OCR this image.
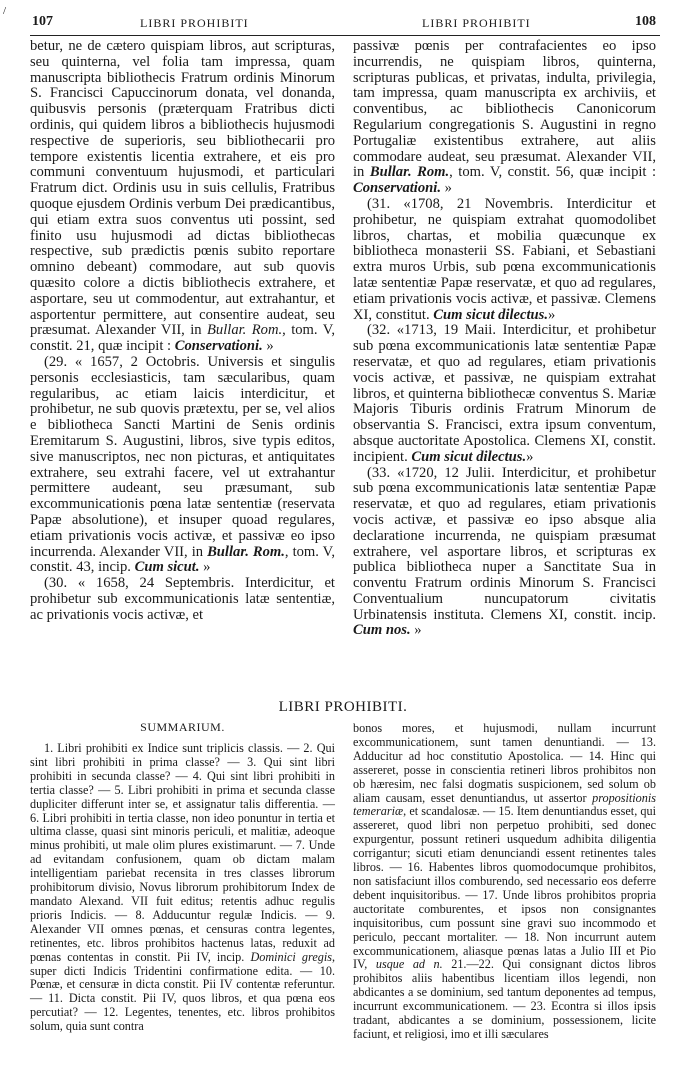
/
107	LIBRI PROHIBITI	LIBRI PROHIBITI	108

betur, ne de cætero quispiam libros, aut scripturas, seu quinterna, vel folia tam impressa, quam manuscripta bibliothecis Fratrum ordinis Minorum S. Francisci Capuccinorum donata, vel donanda, quibusvis personis (præterquam Fratribus dicti ordinis, qui quidem libros a bibliothecis hujusmodi respective de superioris, seu bibliothecarii pro tempore existentis licentia extrahere, et eis pro communi conventuum hujusmodi, et particulari Fratrum dict. Ordinis usu in suis cellulis, Fratribus quoque ejusdem Ordinis verbum Dei prædicantibus, qui etiam extra suos conventus uti possint, sed finito usu hujusmodi ad dictas bibliothecas respective, sub prædictis pœnis subito reportare omnino debeant) commodare, aut sub quovis quæsito colore a dictis bibliothecis extrahere, et asportare, seu ut commodentur, aut extrahantur, et asportentur permittere, aut consentire audeat, seu præsumat. Alexander VII, in Bullar. Rom., tom. V, constit. 21, quæ incipit : Conservationi. »

(29. « 1657, 2 Octobris. Universis et singulis personis ecclesiasticis, tam sæcularibus, quam regularibus, ac etiam laicis interdicitur, et prohibetur, ne sub quovis prætextu, per se, vel alios e bibliotheca Sancti Martini de Senis ordinis Eremitarum S. Augustini, libros, sive typis editos, sive manuscriptos, nec non picturas, et antiquitates extrahere, seu extrahi facere, vel ut extrahantur permittere audeant, seu præsumant, sub excommunicationis pœna latæ sententiæ (reservata Papæ absolutione), et insuper quoad regulares, etiam privationis vocis activæ, et passivæ eo ipso incurrenda. Alexander VII, in Bullar. Rom., tom. V, constit. 43, incip. Cum sicut. »

(30. « 1658, 24 Septembris. Interdicitur, et prohibetur sub excommunicationis latæ sententiæ, ac privationis vocis activæ, et

passivæ pœnis per contrafacientes eo ipso incurrendis, ne quispiam libros, quinterna, scripturas publicas, et privatas, indulta, privilegia, tam impressa, quam manuscripta ex archiviis, et conventibus, ac bibliothecis Canonicorum Regularium congregationis S. Augustini in regno Portugaliæ existentibus extrahere, aut aliis commodare audeat, seu præsumat. Alexander VII, in Bullar. Rom., tom. V, constit. 56, quæ incipit : Conservationi. »

(31. «1708, 21 Novembris. Interdicitur et prohibetur, ne quispiam extrahat quomodolibet libros, chartas, et mobilia quæcunque ex bibliotheca monasterii SS. Fabiani, et Sebastiani extra muros Urbis, sub pœna excommunicationis latæ sententiæ Papæ reservatæ, et quo ad regulares, etiam privationis vocis activæ, et passivæ. Clemens XI, constitut. Cum sicut dilectus.»

(32. «1713, 19 Maii. Interdicitur, et prohibetur sub pœna excommunicationis latæ sententiæ Papæ reservatæ, et quo ad regulares, etiam privationis vocis activæ, et passivæ, ne quispiam extrahat libros, et quinterna bibliothecæ conventus S. Mariæ Majoris Tiburis ordinis Fratrum Minorum de observantia S. Francisci, extra ipsum conventum, absque auctoritate Apostolica. Clemens XI, constit. incipient. Cum sicut dilectus.»

(33. «1720, 12 Julii. Interdicitur, et prohibetur sub pœna excommunicationis latæ sententiæ Papæ reservatæ, et quo ad regulares, etiam privationis vocis activæ, et passivæ eo ipso absque alia declaratione incurrenda, ne quispiam præsumat extrahere, vel asportare libros, et scripturas ex publica bibliotheca nuper a Sanctitate Sua in conventu Fratrum ordinis Minorum S. Francisci Conventualium nuncupatorum civitatis Urbinatensis instituta. Clemens XI, constit. incip. Cum nos. »

LIBRI PROHIBITI.
SUMMARIUM.

1. Libri prohibiti ex Indice sunt triplicis classis. — 2. Qui sint libri prohibiti in prima classe? — 3. Qui sint libri prohibiti in secunda classe? — 4. Qui sint libri prohibiti in tertia classe? — 5. Libri prohibiti in prima et secunda classe dupliciter differunt inter se, et assignatur talis differentia. — 6. Libri prohibiti in tertia classe, non ideo ponuntur in tertia et ultima classe, quasi sint minoris periculi, et malitiæ, adeoque minus prohibiti, ut male olim plures existimarunt. — 7. Unde ad evitandam confusionem, quam ob dictam malam intelligentiam pariebat recensita in tres classes librorum prohibitorum divisio, Novus librorum prohibitorum Index de mandato Alexand. VII fuit editus; retentis adhuc regulis prioris Indicis. — 8. Adducuntur regulæ Indicis. — 9. Alexander VII omnes pœnas, et censuras contra legentes, retinentes, etc. libros prohibitos hactenus latas, reduxit ad pœnas contentas in constit. Pii IV, incip. Dominici gregis, super dicti Indicis Tridentini confirmatione edita. — 10. Pœnæ, et censuræ in dicta constit. Pii IV contentæ referuntur. — 11. Dicta constit. Pii IV, quos libros, et qua pœna eos percutiat? — 12. Legentes, tenentes, etc. libros prohibitos solum, quia sunt contra

bonos mores, et hujusmodi, nullam incurrunt excommunicationem, sunt tamen denuntiandi. — 13. Adducitur ad hoc constitutio Apostolica. — 14. Hinc qui assereret, posse in conscientia retineri libros prohibitos non ob hæresim, nec falsi dogmatis suspicionem, sed solum ob aliam causam, esset denuntiandus, ut assertor propositionis temerariæ, et scandalosæ. — 15. Item denuntiandus esset, qui assereret, quod libri non perpetuo prohibiti, sed donec expurgentur, possunt retineri usquedum adhibita diligentia corrigantur; sicuti etiam denunciandi essent retinentes tales libros. — 16. Habentes libros quomodocumque prohibitos, non satisfaciunt illos comburendo, sed necessario eos deferre debent inquisitoribus. — 17. Unde libros prohibitos propria auctoritate comburentes, et ipsos non consignantes inquisitoribus, cum possunt sine gravi suo incommodo et periculo, peccant mortaliter. — 18. Non incurrunt autem excommunicationem, aliasque pœnas latas a Julio III et Pio IV, usque ad n. 21.—22. Qui consignant dictos libros prohibitos aliis habentibus licentiam illos legendi, non abdicantes a se dominium, sed tantum deponentes ad tempus, incurrunt excommunicationem. — 23. Econtra si illos ipsis tradant, abdicantes a se dominium, possessionem, licite faciunt, et religiosi, imo et illi sæculares
